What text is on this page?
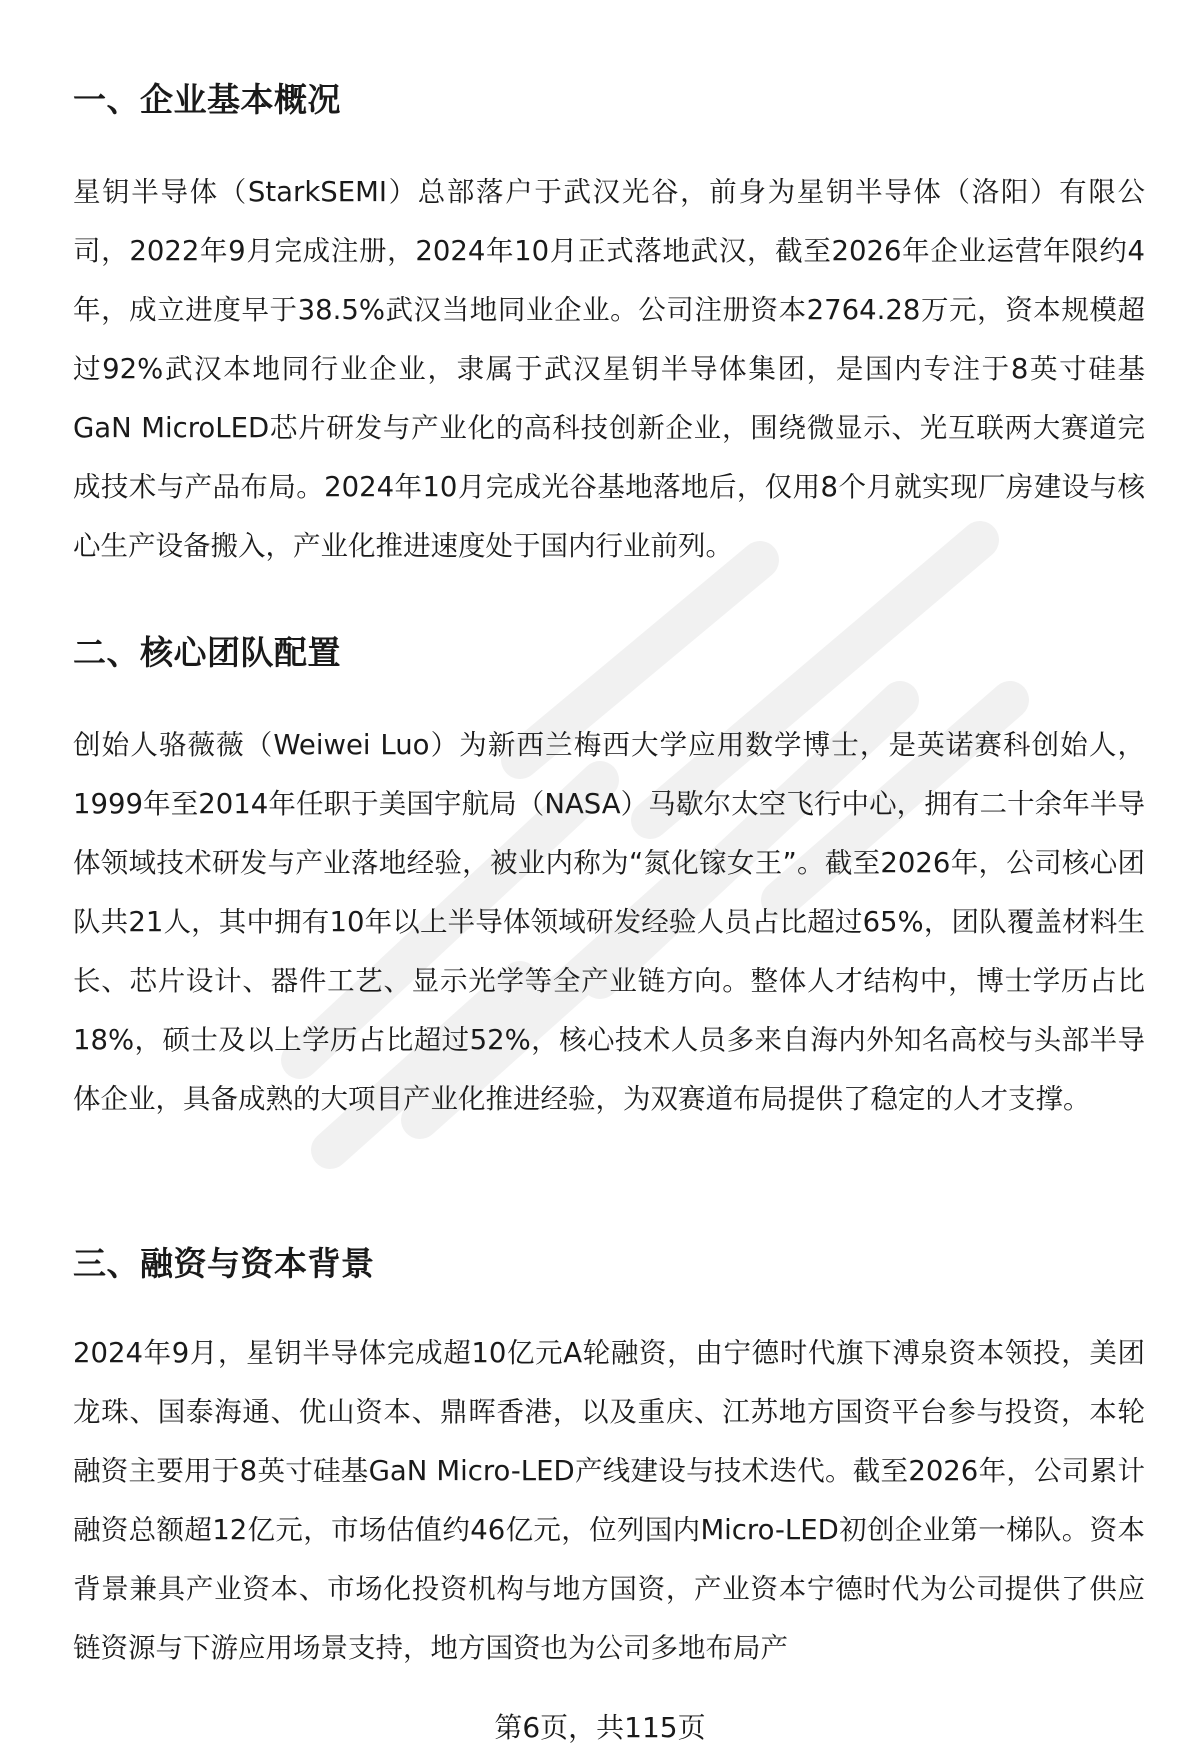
一、企业基本概况

星钥半导体（StarkSEMI）总部落户于武汉光谷，前身为星钥半导体（洛阳）有限公司，2022年9月完成注册，2024年10月正式落地武汉，截至2026年企业运营年限约4年，成立进度早于38.5%武汉当地同业企业。公司注册资本2764.28万元，资本规模超过92%武汉本地同行业企业，隶属于武汉星钥半导体集团，是国内专注于8英寸硅基GaN MicroLED芯片研发与产业化的高科技创新企业，围绕微显示、光互联两大赛道完成技术与产品布局。2024年10月完成光谷基地落地后，仅用8个月就实现厂房建设与核心生产设备搬入，产业化推进速度处于国内行业前列。

二、核心团队配置

创始人骆薇薇（Weiwei Luo）为新西兰梅西大学应用数学博士，是英诺赛科创始人，1999年至2014年任职于美国宇航局（NASA）马歇尔太空飞行中心，拥有二十余年半导体领域技术研发与产业落地经验，被业内称为“氮化镓女王”。截至2026年，公司核心团队共21人，其中拥有10年以上半导体领域研发经验人员占比超过65%，团队覆盖材料生长、芯片设计、器件工艺、显示光学等全产业链方向。整体人才结构中，博士学历占比18%，硕士及以上学历占比超过52%，核心技术人员多来自海内外知名高校与头部半导体企业，具备成熟的大项目产业化推进经验，为双赛道布局提供了稳定的人才支撑。

三、融资与资本背景

2024年9月，星钥半导体完成超10亿元A轮融资，由宁德时代旗下溥泉资本领投，美团龙珠、国泰海通、优山资本、鼎晖香港，以及重庆、江苏地方国资平台参与投资，本轮融资主要用于8英寸硅基GaN Micro-LED产线建设与技术迭代。截至2026年，公司累计融资总额超12亿元，市场估值约46亿元，位列国内Micro-LED初创企业第一梯队。资本背景兼具产业资本、市场化投资机构与地方国资，产业资本宁德时代为公司提供了供应链资源与下游应用场景支持，地方国资也为公司多地布局产

第6页，共115页
